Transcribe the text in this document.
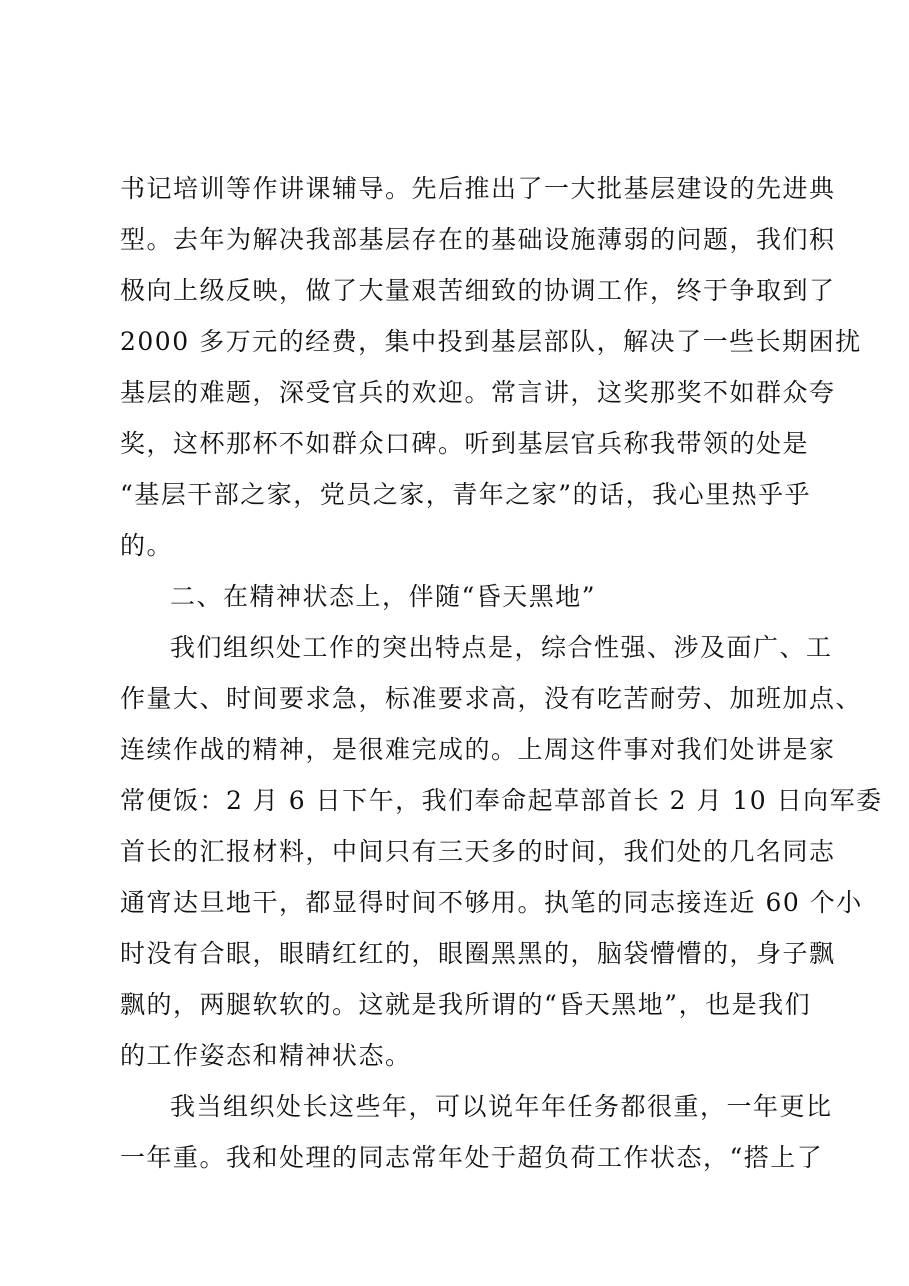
书记培训等作讲课辅导。先后推出了一大批基层建设的先进典
型。去年为解决我部基层存在的基础设施薄弱的问题，我们积
极向上级反映，做了大量艰苦细致的协调工作，终于争取到了
2000 多万元的经费，集中投到基层部队，解决了一些长期困扰
基层的难题，深受官兵的欢迎。常言讲，这奖那奖不如群众夸
奖，这杯那杯不如群众口碑。听到基层官兵称我带领的处是
“基层干部之家，党员之家，青年之家”的话，我心里热乎乎
的。
二、在精神状态上，伴随“昏天黑地”
我们组织处工作的突出特点是，综合性强、涉及面广、工
作量大、时间要求急，标准要求高，没有吃苦耐劳、加班加点、
连续作战的精神，是很难完成的。上周这件事对我们处讲是家
常便饭：2 月 6 日下午，我们奉命起草部首长 2 月 10 日向军委
首长的汇报材料，中间只有三天多的时间，我们处的几名同志
通宵达旦地干，都显得时间不够用。执笔的同志接连近 60 个小
时没有合眼，眼睛红红的，眼圈黑黑的，脑袋懵懵的，身子飘
飘的，两腿软软的。这就是我所谓的“昏天黑地”，也是我们
的工作姿态和精神状态。
我当组织处长这些年，可以说年年任务都很重，一年更比
一年重。我和处理的同志常年处于超负荷工作状态，“搭上了
